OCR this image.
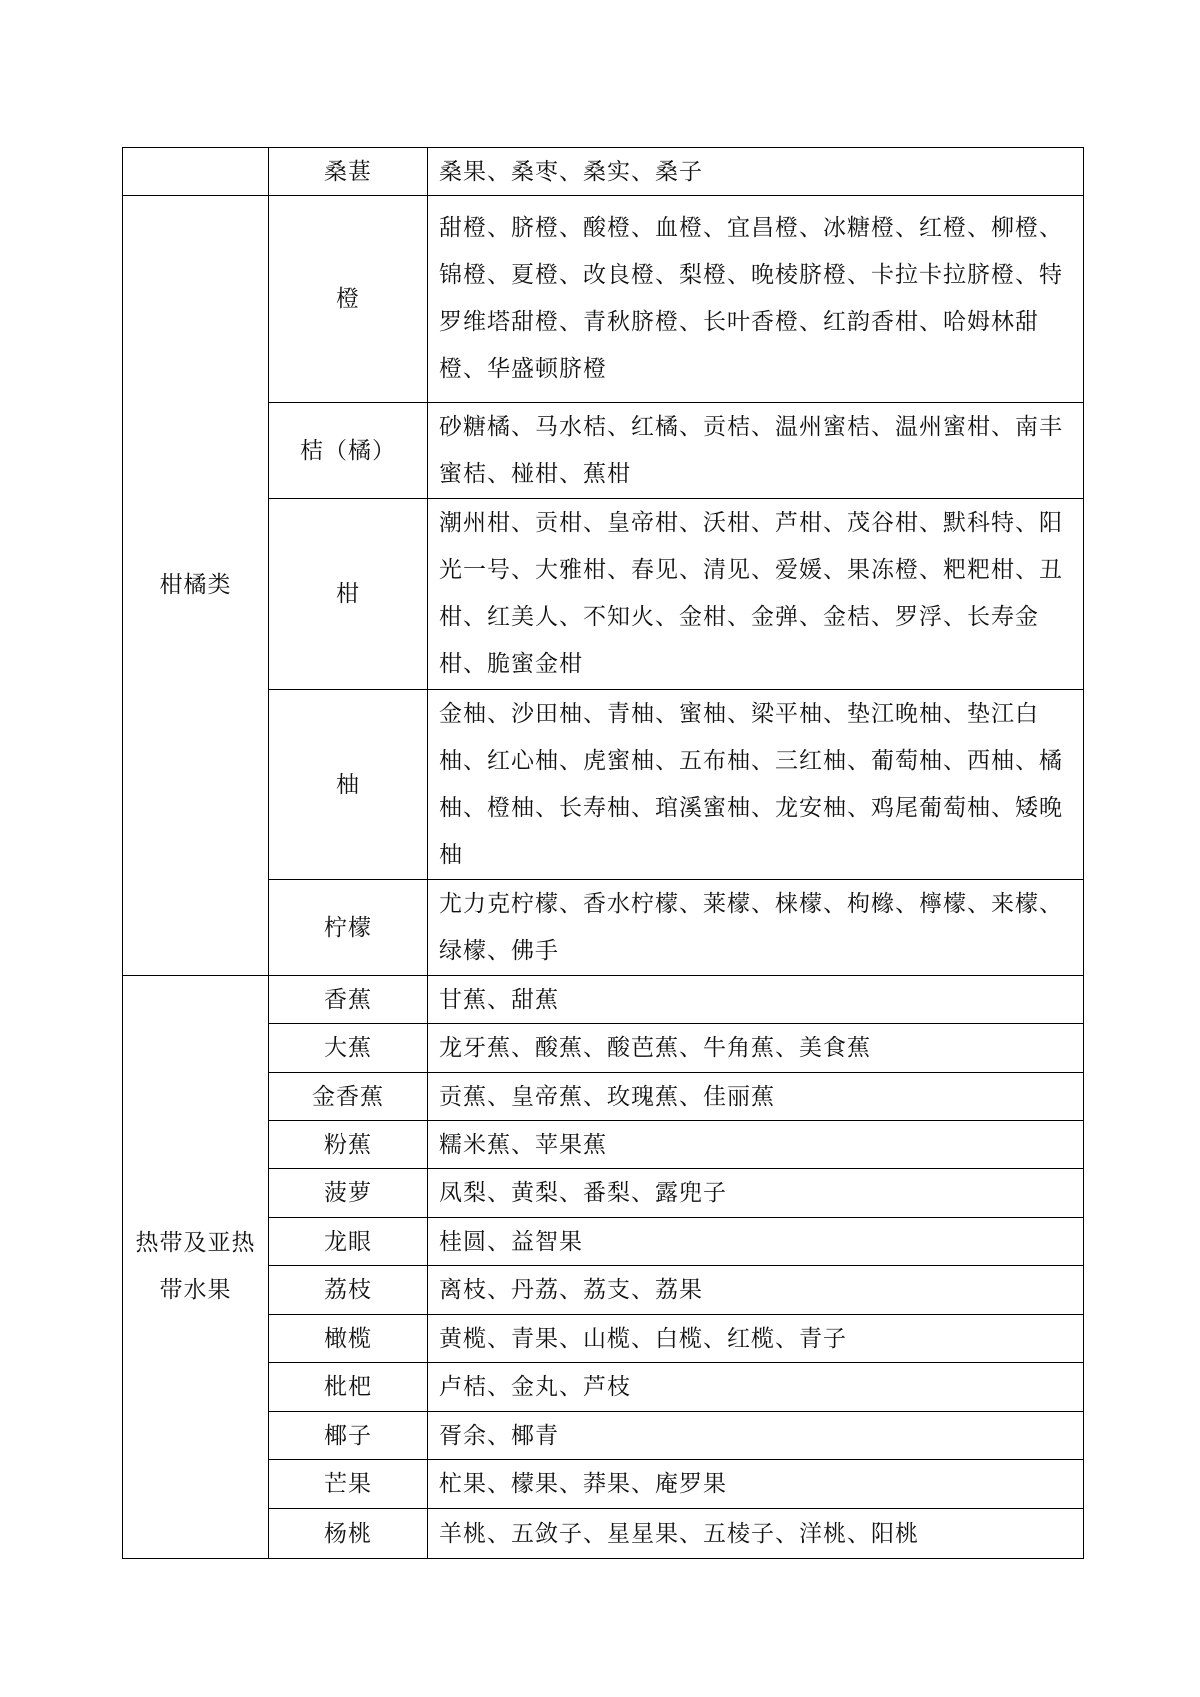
	桑葚	桑果、桑枣、桑实、桑子

柑橘类	橙	甜橙、脐橙、酸橙、血橙、宜昌橙、冰糖橙、红橙、柳橙、
锦橙、夏橙、改良橙、梨橙、晚棱脐橙、卡拉卡拉脐橙、特
罗维塔甜橙、青秋脐橙、长叶香橙、红韵香柑、哈姆林甜
橙、华盛顿脐橙

	桔（橘）	砂糖橘、马水桔、红橘、贡桔、温州蜜桔、温州蜜柑、南丰
蜜桔、椪柑、蕉柑

	柑	潮州柑、贡柑、皇帝柑、沃柑、芦柑、茂谷柑、默科特、阳
光一号、大雅柑、春见、清见、爱媛、果冻橙、粑粑柑、丑
柑、红美人、不知火、金柑、金弹、金桔、罗浮、长寿金
柑、脆蜜金柑

	柚	金柚、沙田柚、青柚、蜜柚、梁平柚、垫江晚柚、垫江白
柚、红心柚、虎蜜柚、五布柚、三红柚、葡萄柚、西柚、橘
柚、橙柚、长寿柚、琯溪蜜柚、龙安柚、鸡尾葡萄柚、矮晚
柚

	柠檬	尤力克柠檬、香水柠檬、莱檬、梾檬、枸橼、檸檬、来檬、
绿檬、佛手

热带及亚热
带水果	香蕉	甘蕉、甜蕉

	大蕉	龙牙蕉、酸蕉、酸芭蕉、牛角蕉、美食蕉

	金香蕉	贡蕉、皇帝蕉、玫瑰蕉、佳丽蕉

	粉蕉	糯米蕉、苹果蕉

	菠萝	凤梨、黄梨、番梨、露兜子

	龙眼	桂圆、益智果

	荔枝	离枝、丹荔、荔支、荔果

	橄榄	黄榄、青果、山榄、白榄、红榄、青子

	枇杷	卢桔、金丸、芦枝

	椰子	胥余、椰青

	芒果	杧果、檬果、莽果、庵罗果

	杨桃	羊桃、五敛子、星星果、五棱子、洋桃、阳桃
